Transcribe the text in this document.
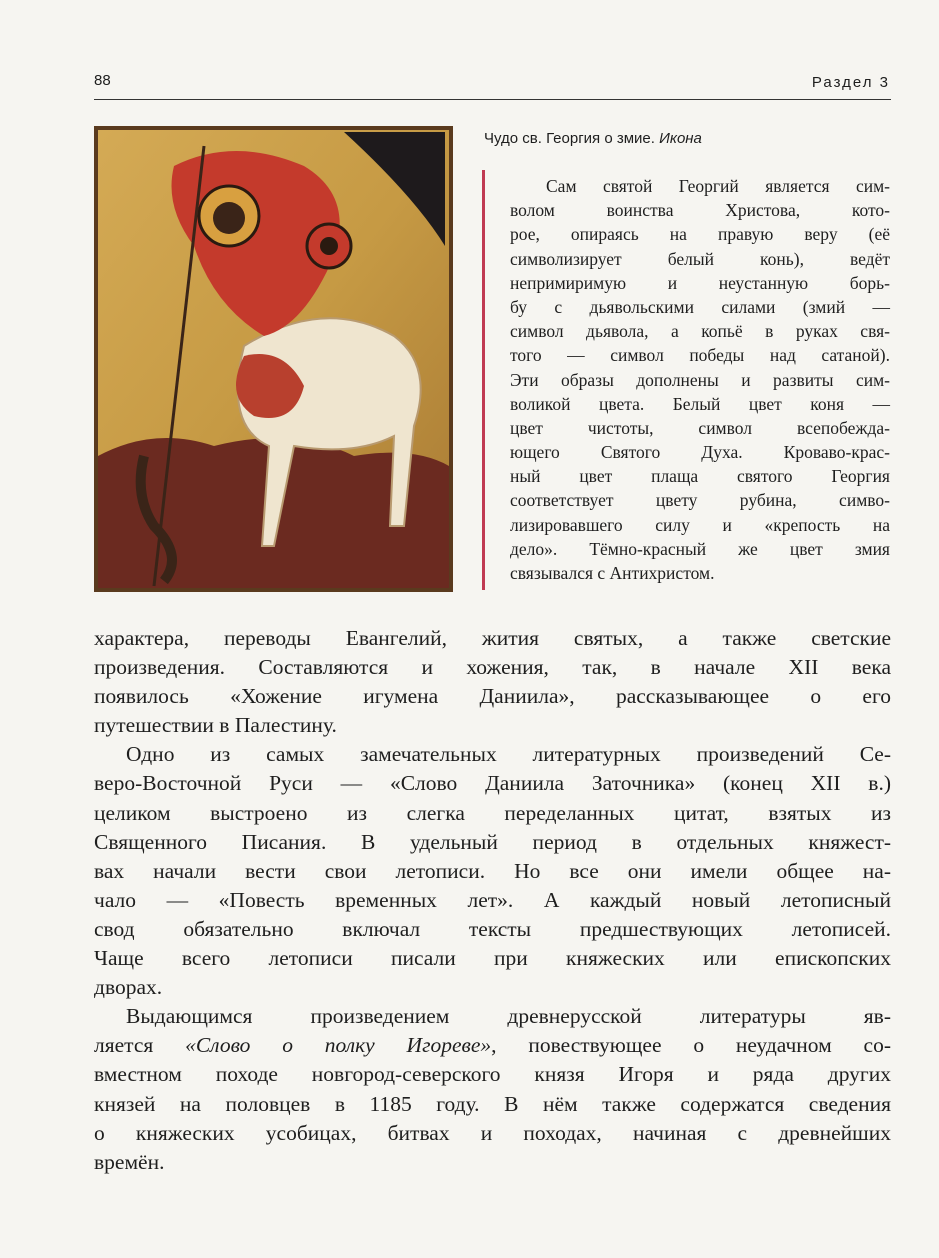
88	Раздел 3
Чудо св. Георгия о змие. Икона
Сам святой Георгий является сим-
волом воинства Христова, кото-
рое, опираясь на правую веру (её
символизирует белый конь), ведёт
непримиримую и неустанную борь-
бу с дьявольскими силами (змий —
символ дьявола, а копьё в руках свя-
того — символ победы над сатаной).
Эти образы дополнены и развиты сим-
воликой цвета. Белый цвет коня —
цвет чистоты, символ всепобежда-
ющего Святого Духа. Кроваво-крас-
ный цвет плаща святого Георгия
соответствует цвету рубина, симво-
лизировавшего силу и «крепость на
дело». Тёмно-красный же цвет змия
связывался с Антихристом.
характера, переводы Евангелий, жития святых, а также светские
произведения. Составляются и хожения, так, в начале XII века
появилось «Хожение игумена Даниила», рассказывающее о его
путешествии в Палестину.
Одно из самых замечательных литературных произведений Се-
веро-Восточной Руси — «Слово Даниила Заточника» (конец XII в.)
целиком выстроено из слегка переделанных цитат, взятых из
Священного Писания. В удельный период в отдельных княжест-
вах начали вести свои летописи. Но все они имели общее на-
чало — «Повесть временных лет». А каждый новый летописный
свод обязательно включал тексты предшествующих летописей.
Чаще всего летописи писали при княжеских или епископских
дворах.
Выдающимся произведением древнерусской литературы яв-
ляется «Слово о полку Игореве», повествующее о неудачном со-
вместном походе новгород-северского князя Игоря и ряда других
князей на половцев в 1185 году. В нём также содержатся сведения
о княжеских усобицах, битвах и походах, начиная с древнейших
времён.
